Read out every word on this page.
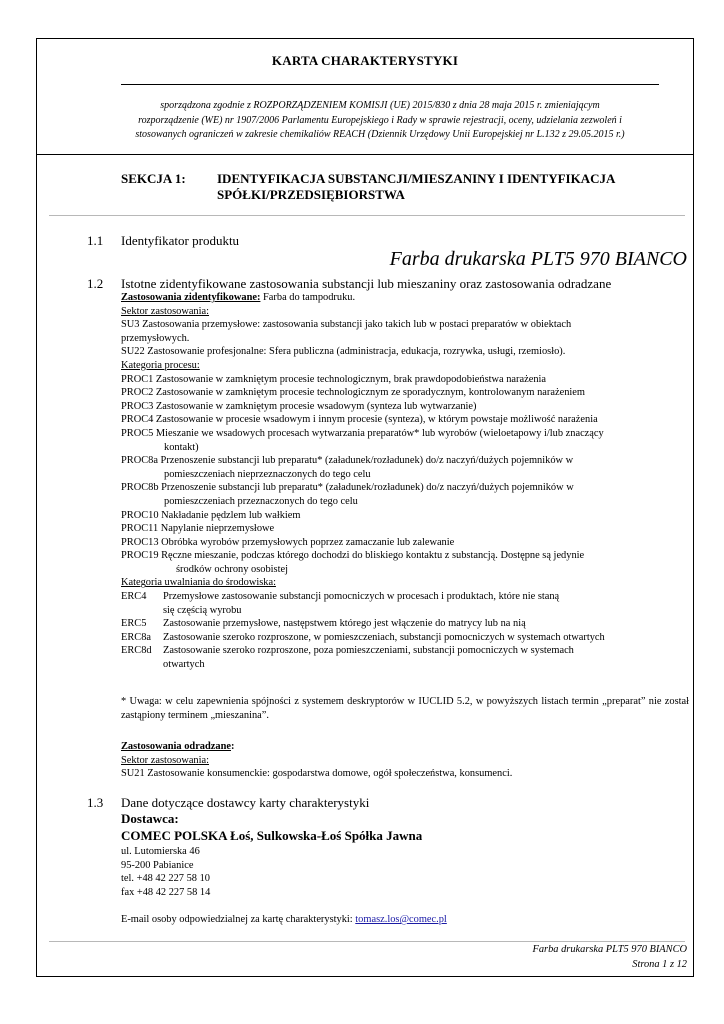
KARTA CHARAKTERYSTYKI
sporządzona zgodnie z ROZPORZĄDZENIEM KOMISJI (UE) 2015/830 z dnia 28 maja 2015 r. zmieniającym
rozporządzenie (WE) nr 1907/2006 Parlamentu Europejskiego i Rady w sprawie rejestracji, oceny, udzielania zezwoleń i
stosowanych ograniczeń w zakresie chemikaliów REACH (Dziennik Urzędowy Unii Europejskiej nr L.132 z 29.05.2015 r.)
SEKCJA 1: IDENTYFIKACJA SUBSTANCJI/MIESZANINY I IDENTYFIKACJA
SPÓŁKI/PRZEDSIĘBIORSTWA
1.1 Identyfikator produktu
Farba drukarska PLT5 970 BIANCO
1.2 Istotne zidentyfikowane zastosowania substancji lub mieszaniny oraz zastosowania odradzane
Zastosowania zidentyfikowane: Farba do tampodruku.
Sektor zastosowania:
SU3 Zastosowania przemysłowe: zastosowania substancji jako takich lub w postaci preparatów w obiektach
przemysłowych.
SU22 Zastosowanie profesjonalne: Sfera publiczna (administracja, edukacja, rozrywka, usługi, rzemiosło).
Kategoria procesu:
PROC1 Zastosowanie w zamkniętym procesie technologicznym, brak prawdopodobieństwa narażenia
PROC2 Zastosowanie w zamkniętym procesie technologicznym ze sporadycznym, kontrolowanym narażeniem
PROC3 Zastosowanie w zamkniętym procesie wsadowym (synteza lub wytwarzanie)
PROC4 Zastosowanie w procesie wsadowym i innym procesie (synteza), w którym powstaje możliwość narażenia
PROC5 Mieszanie we wsadowych procesach wytwarzania preparatów* lub wyrobów (wieloetapowy i/lub znaczący
kontakt)
PROC8a Przenoszenie substancji lub preparatu* (załadunek/rozładunek) do/z naczyń/dużych pojemników w
pomieszczeniach nieprzeznaczonych do tego celu
PROC8b Przenoszenie substancji lub preparatu* (załadunek/rozładunek) do/z naczyń/dużych pojemników w
pomieszczeniach przeznaczonych do tego celu
PROC10 Nakładanie pędzlem lub wałkiem
PROC11 Napylanie nieprzemysłowe
PROC13 Obróbka wyrobów przemysłowych poprzez zamaczanie lub zalewanie
PROC19 Ręczne mieszanie, podczas którego dochodzi do bliskiego kontaktu z substancją. Dostępne są jedynie
środków ochrony osobistej
Kategoria uwalniania do środowiska:
ERC4	Przemysłowe zastosowanie substancji pomocniczych w procesach i produktach, które nie staną
się częścią wyrobu
ERC5	Zastosowanie przemysłowe, następstwem którego jest włączenie do matrycy lub na nią
ERC8a	Zastosowanie szeroko rozproszone, w pomieszczeniach, substancji pomocniczych w systemach otwartych
ERC8d	Zastosowanie szeroko rozproszone, poza pomieszczeniami, substancji pomocniczych w systemach
otwartych
* Uwaga: w celu zapewnienia spójności z systemem deskryptorów w IUCLID 5.2, w powyższych listach termin „preparat” nie został zastąpiony terminem „mieszanina”.
Zastosowania odradzane:
Sektor zastosowania:
SU21 Zastosowanie konsumenckie: gospodarstwa domowe, ogół społeczeństwa, konsumenci.
1.3 Dane dotyczące dostawcy karty charakterystyki
Dostawca:
COMEC POLSKA Łoś, Sulkowska-Łoś Spółka Jawna
ul. Lutomierska 46
95-200 Pabianice
tel. +48 42 227 58 10
fax +48 42 227 58 14
E-mail osoby odpowiedzialnej za kartę charakterystyki: tomasz.los@comec.pl
Farba drukarska PLT5 970 BIANCO
Strona 1 z 12
